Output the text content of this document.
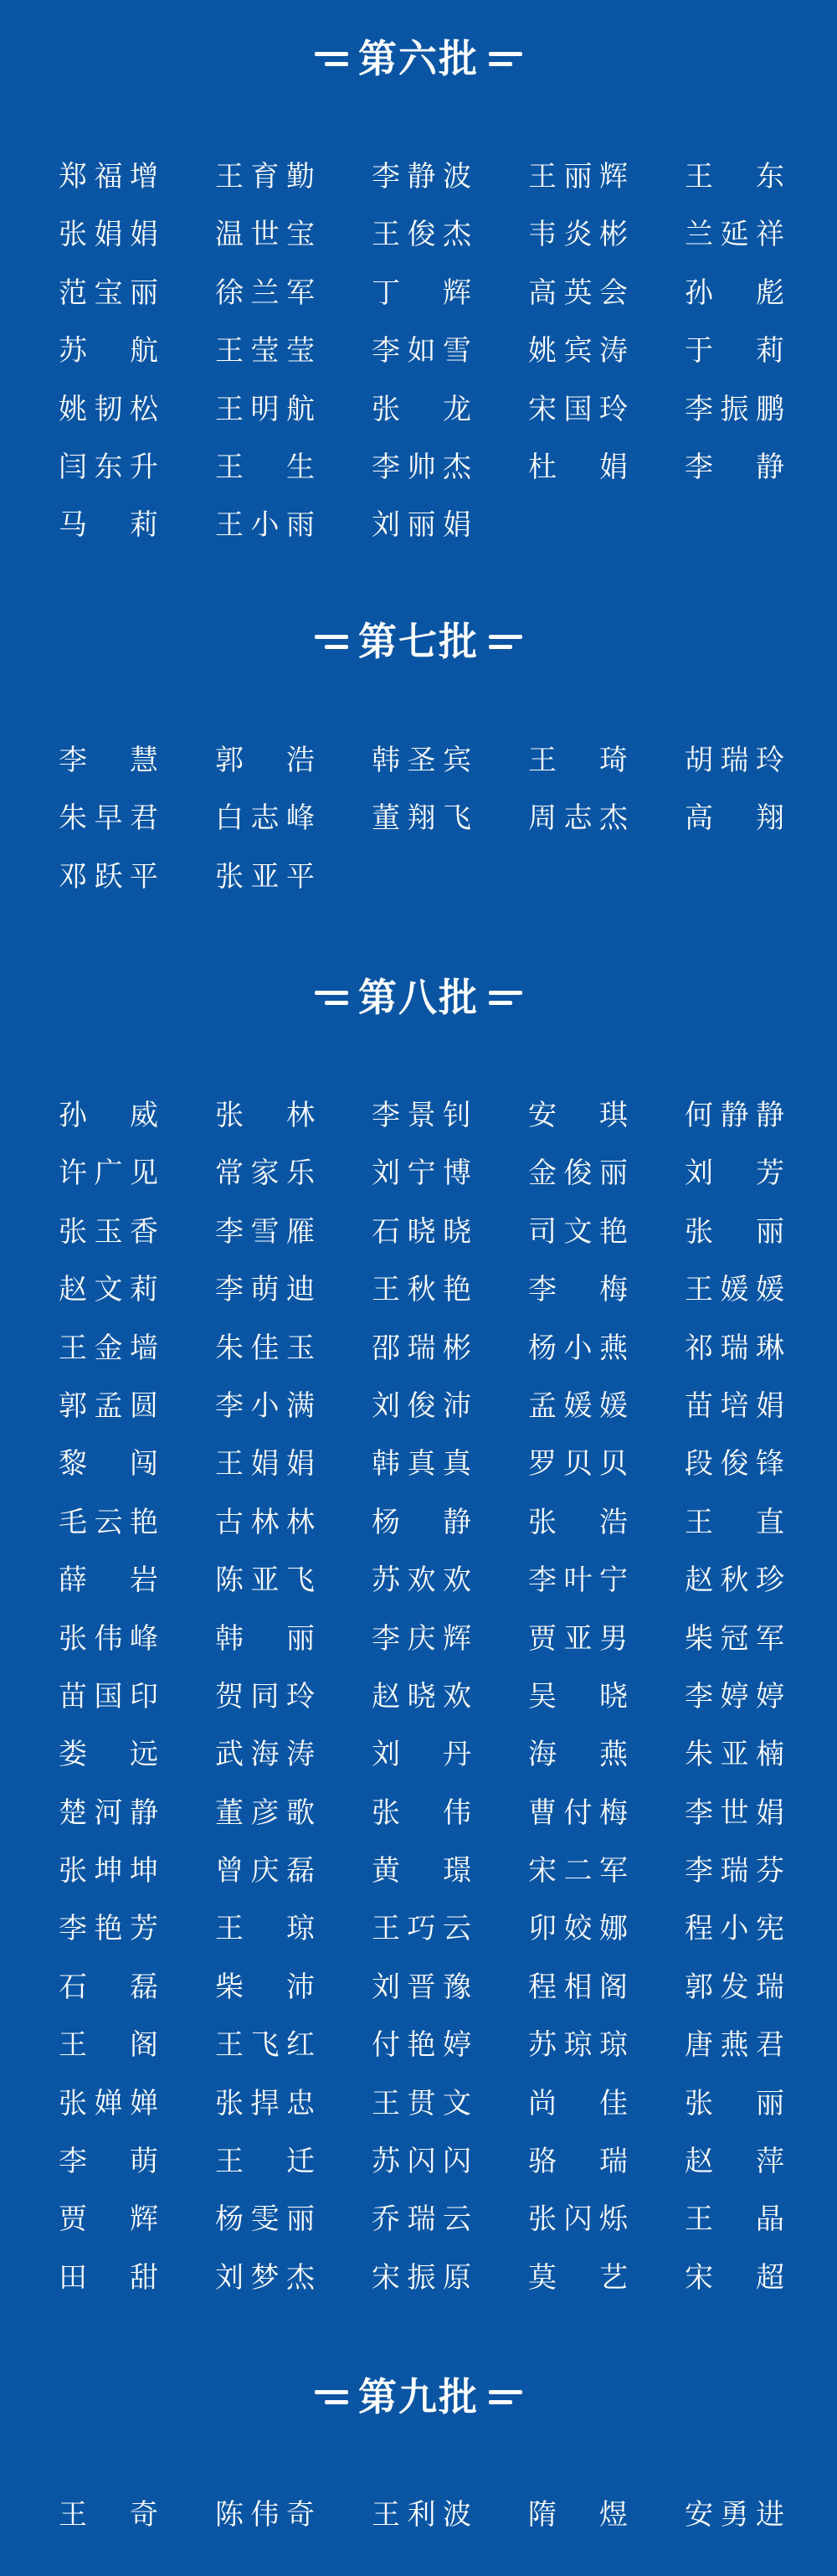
第六批
郑福增 王育勤 李静波 王丽辉 王东
张娟娟 温世宝 王俊杰 韦炎彬 兰延祥
范宝丽 徐兰军 丁辉 高英会 孙彪
苏航 王莹莹 李如雪 姚宾涛 于莉
姚韧松 王明航 张龙 宋国玲 李振鹏
闫东升 王生 李帅杰 杜娟 李静
马莉 王小雨 刘丽娟
第七批
李慧 郭浩 韩圣宾 王琦 胡瑞玲
朱早君 白志峰 董翔飞 周志杰 高翔
邓跃平 张亚平
第八批
孙威 张林 李景钊 安琪 何静静
许广见 常家乐 刘宁博 金俊丽 刘芳
张玉香 李雪雁 石晓晓 司文艳 张丽
赵文莉 李萌迪 王秋艳 李梅 王媛媛
王金墙 朱佳玉 邵瑞彬 杨小燕 祁瑞琳
郭孟圆 李小满 刘俊沛 孟媛媛 苗培娟
黎闯 王娟娟 韩真真 罗贝贝 段俊锋
毛云艳 古林林 杨静 张浩 王直
薛岩 陈亚飞 苏欢欢 李叶宁 赵秋珍
张伟峰 韩丽 李庆辉 贾亚男 柴冠军
苗国印 贺同玲 赵晓欢 吴晓 李婷婷
娄远 武海涛 刘丹 海燕 朱亚楠
楚河静 董彦歌 张伟 曹付梅 李世娟
张坤坤 曾庆磊 黄璟 宋二军 李瑞芬
李艳芳 王琼 王巧云 卯姣娜 程小宪
石磊 柴沛 刘晋豫 程相阁 郭发瑞
王阁 王飞红 付艳婷 苏琼琼 唐燕君
张婵婵 张捍忠 王贯文 尚佳 张丽
李萌 王迁 苏闪闪 骆瑞 赵萍
贾辉 杨雯丽 乔瑞云 张闪烁 王晶
田甜 刘梦杰 宋振原 莫艺 宋超
第九批
王奇 陈伟奇 王利波 隋煜 安勇进
